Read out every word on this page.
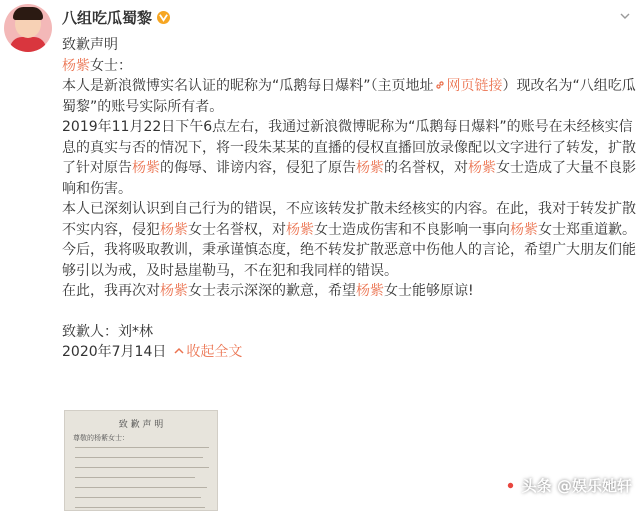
八组吃瓜蜀黎

致歉声明

杨紫女士：

本人是新浪微博实名认证的昵称为“瓜鹅每日爆料”（主页地址 网页链接）现改名为“八组吃瓜蜀黎”的账号实际所有者。

2019年11月22日下午6点左右，我通过新浪微博昵称为“瓜鹅每日爆料”的账号在未经核实信息的真实与否的情况下，将一段朱某某的直播的侵权直播回放录像配以文字进行了转发，扩散了针对原告杨紫的侮辱、诽谤内容，侵犯了原告杨紫的名誉权，对杨紫女士造成了大量不良影响和伤害。

本人已深刻认识到自己行为的错误，不应该转发扩散未经核实的内容。在此，我对于转发扩散不实内容，侵犯杨紫女士名誉权，对杨紫女士造成伤害和不良影响一事向杨紫女士郑重道歉。今后，我将吸取教训，秉承谨慎态度，绝不转发扩散恶意中伤他人的言论，希望广大朋友们能够引以为戒，及时悬崖勒马，不在犯和我同样的错误。

在此，我再次对杨紫女士表示深深的歉意，希望杨紫女士能够原谅!

致歉人：刘*林

2020年7月14日	收起全文

致 歉 声 明
尊敬的杨紫女士：
头条 @娱乐她轩
